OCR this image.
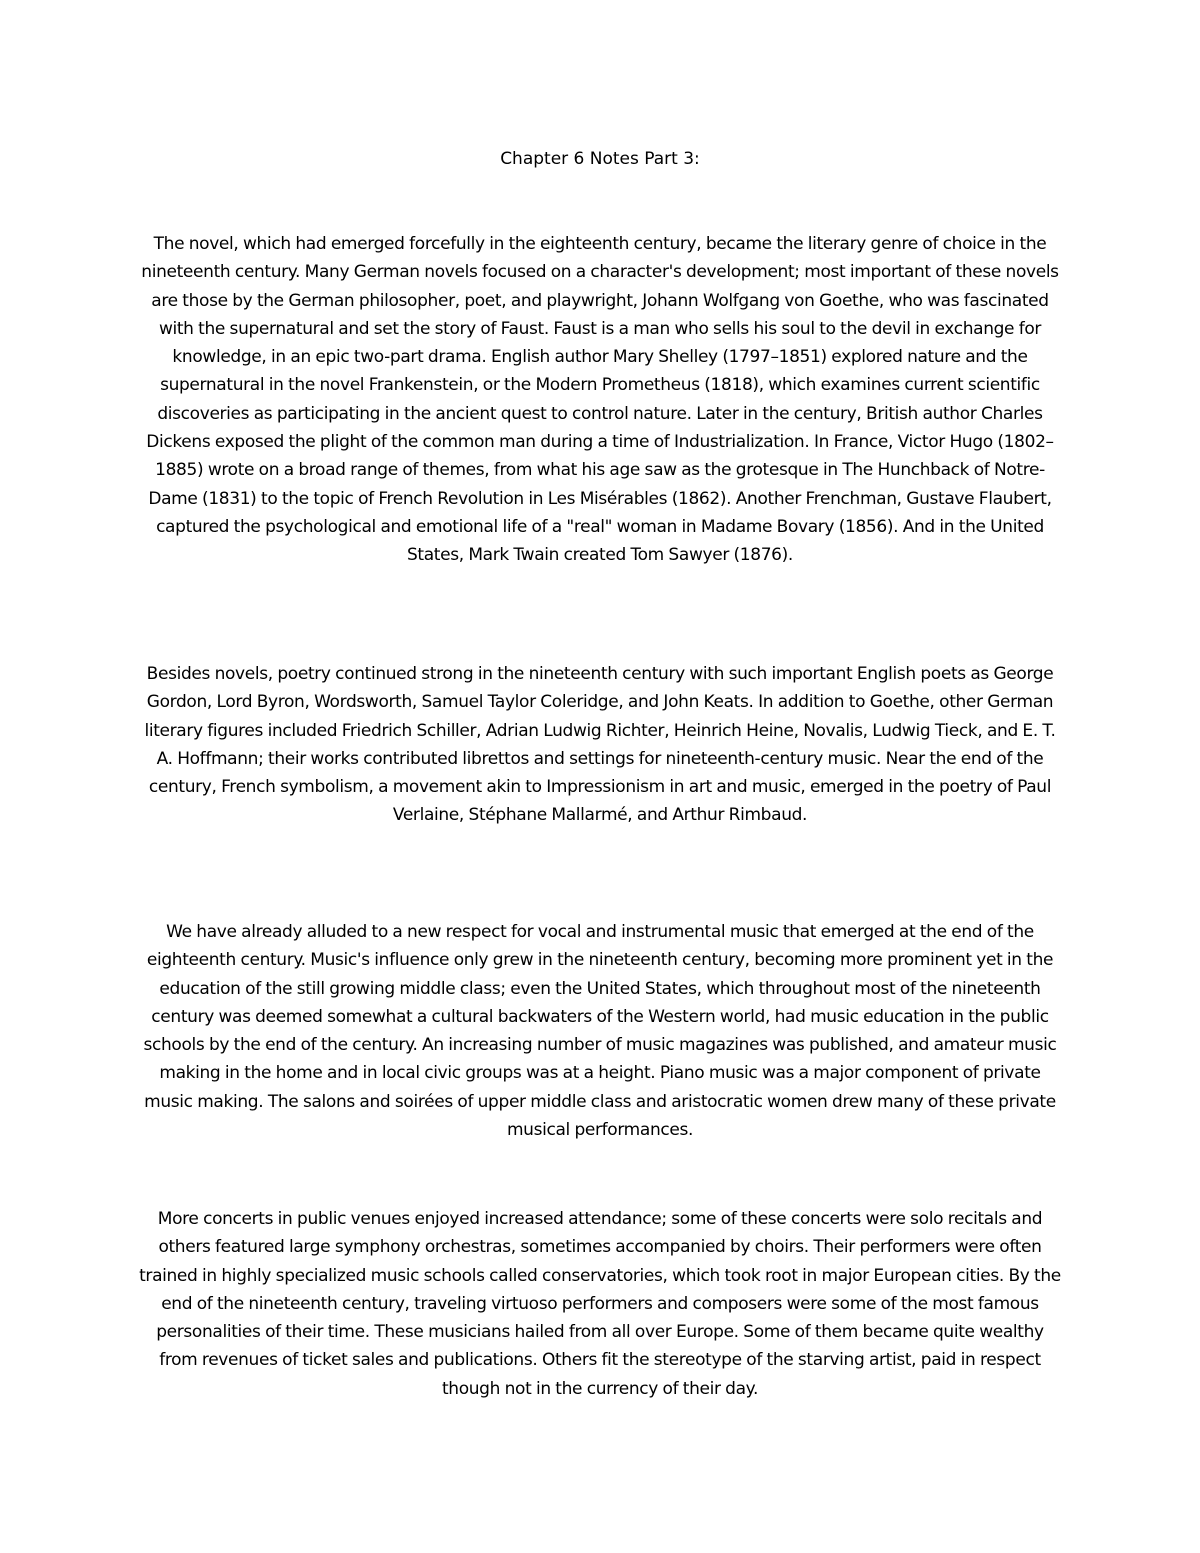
Chapter 6 Notes Part 3:

The novel, which had emerged forcefully in the eighteenth century, became the literary genre of choice in the nineteenth century. Many German novels focused on a character's development; most important of these novels are those by the German philosopher, poet, and playwright, Johann Wolfgang von Goethe, who was fascinated with the supernatural and set the story of Faust. Faust is a man who sells his soul to the devil in exchange for knowledge, in an epic two-part drama. English author Mary Shelley (1797–1851) explored nature and the supernatural in the novel Frankenstein, or the Modern Prometheus (1818), which examines current scientific discoveries as participating in the ancient quest to control nature. Later in the century, British author Charles Dickens exposed the plight of the common man during a time of Industrialization. In France, Victor Hugo (1802–1885) wrote on a broad range of themes, from what his age saw as the grotesque in The Hunchback of Notre-Dame (1831) to the topic of French Revolution in Les Misérables (1862). Another Frenchman, Gustave Flaubert, captured the psychological and emotional life of a "real" woman in Madame Bovary (1856). And in the United States, Mark Twain created Tom Sawyer (1876).

Besides novels, poetry continued strong in the nineteenth century with such important English poets as George Gordon, Lord Byron, Wordsworth, Samuel Taylor Coleridge, and John Keats. In addition to Goethe, other German literary figures included Friedrich Schiller, Adrian Ludwig Richter, Heinrich Heine, Novalis, Ludwig Tieck, and E. T. A. Hoffmann; their works contributed librettos and settings for nineteenth-century music. Near the end of the century, French symbolism, a movement akin to Impressionism in art and music, emerged in the poetry of Paul Verlaine, Stéphane Mallarmé, and Arthur Rimbaud.

We have already alluded to a new respect for vocal and instrumental music that emerged at the end of the eighteenth century. Music's influence only grew in the nineteenth century, becoming more prominent yet in the education of the still growing middle class; even the United States, which throughout most of the nineteenth century was deemed somewhat a cultural backwaters of the Western world, had music education in the public schools by the end of the century. An increasing number of music magazines was published, and amateur music making in the home and in local civic groups was at a height. Piano music was a major component of private music making. The salons and soirées of upper middle class and aristocratic women drew many of these private musical performances.

More concerts in public venues enjoyed increased attendance; some of these concerts were solo recitals and others featured large symphony orchestras, sometimes accompanied by choirs. Their performers were often trained in highly specialized music schools called conservatories, which took root in major European cities. By the end of the nineteenth century, traveling virtuoso performers and composers were some of the most famous personalities of their time. These musicians hailed from all over Europe. Some of them became quite wealthy from revenues of ticket sales and publications. Others fit the stereotype of the starving artist, paid in respect though not in the currency of their day.
